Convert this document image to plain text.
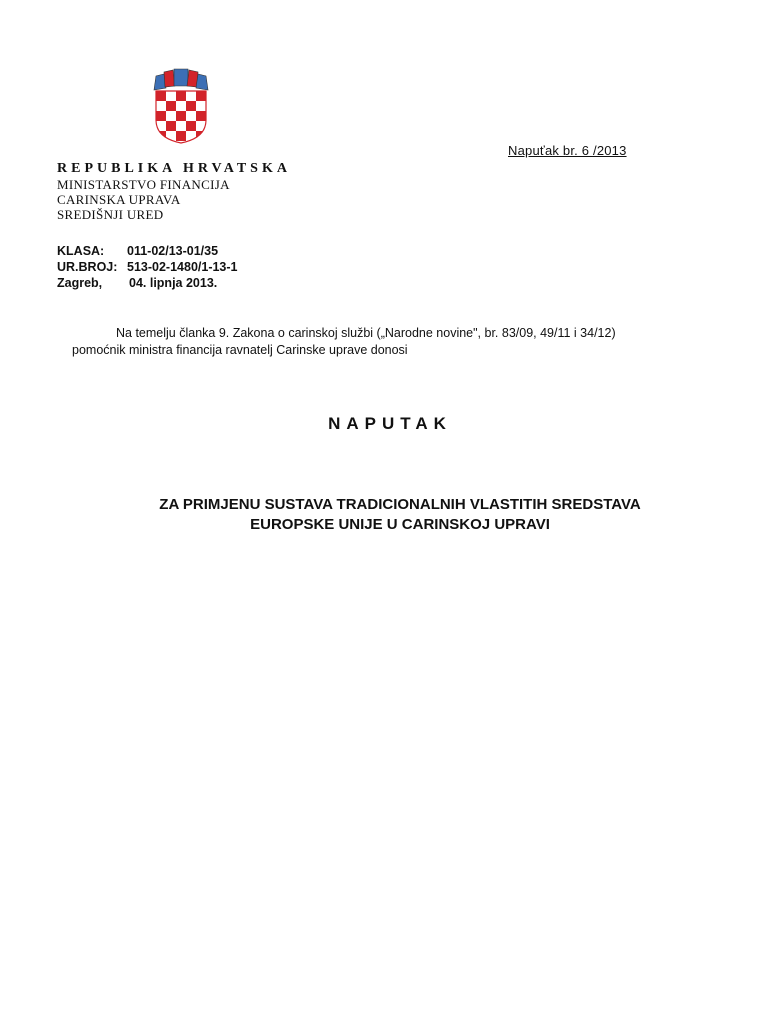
Napuťak br. 6 /2013
REPUBLIKA HRVATSKA
MINISTARSTVO FINANCIJA
CARINSKA UPRAVA
SREDIŠNJI URED
KLASA:	011-02/13-01/35
UR.BROJ: 513-02-1480/1-13-1
Zagreb,	04. lipnja 2013.
Na temelju članka 9. Zakona o carinskoj službi („Narodne novine", br. 83/09, 49/11 i 34/12)
pomoćnik ministra financija ravnatelj Carinske uprave donosi
NAPUTAK
ZA PRIMJENU SUSTAVA TRADICIONALNIH VLASTITIH SREDSTAVA
EUROPSKE UNIJE U CARINSKOJ UPRAVI
